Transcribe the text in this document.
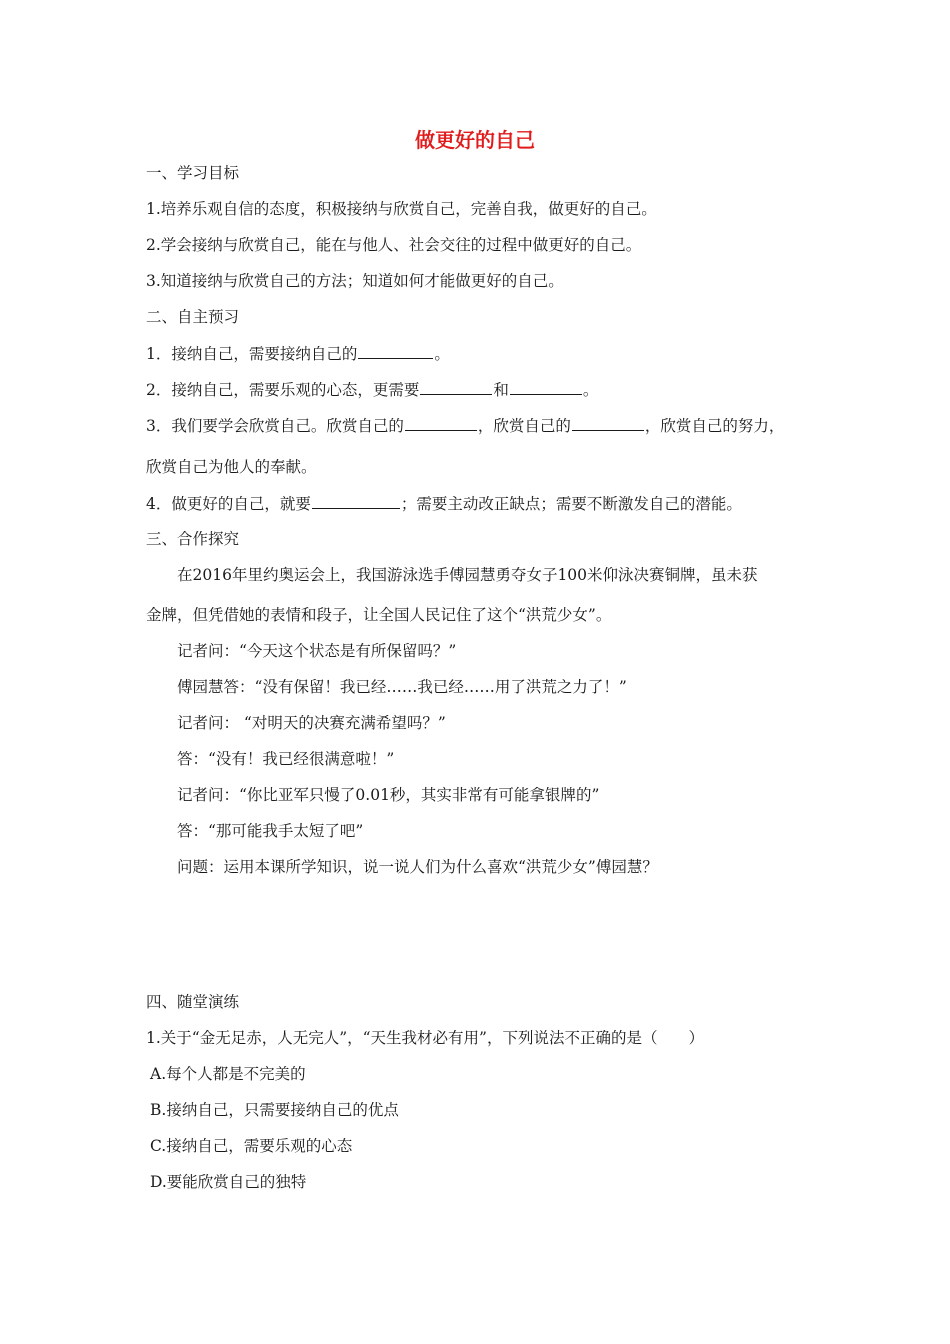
做更好的自己
一、学习目标
1.培养乐观自信的态度，积极接纳与欣赏自己，完善自我，做更好的自己。
2.学会接纳与欣赏自己，能在与他人、社会交往的过程中做更好的自己。
3.知道接纳与欣赏自己的方法；知道如何才能做更好的自己。
二、自主预习
1．接纳自己，需要接纳自己的	。
2．接纳自己，需要乐观的心态，更需要	和	。
3．我们要学会欣赏自己。欣赏自己的	，欣赏自己的	，欣赏自己的努力，
欣赏自己为他人的奉献。
4．做更好的自己，就要	；需要主动改正缺点；需要不断激发自己的潜能。
三、合作探究
在2016年里约奥运会上，我国游泳选手傅园慧勇夺女子100米仰泳决赛铜牌，虽未获
金牌，但凭借她的表情和段子，让全国人民记住了这个“洪荒少女”。
记者问：“今天这个状态是有所保留吗？”
傅园慧答：“没有保留！我已经……我已经……用了洪荒之力了！”
记者问： “对明天的决赛充满希望吗？”
答：“没有！我已经很满意啦！”
记者问：“你比亚军只慢了0.01秒，其实非常有可能拿银牌的”
答：“那可能我手太短了吧”
问题：运用本课所学知识，说一说人们为什么喜欢“洪荒少女”傅园慧？
四、随堂演练
1.关于“金无足赤，人无完人”，“天生我材必有用”，下列说法不正确的是（　　）
A.每个人都是不完美的
B.接纳自己，只需要接纳自己的优点
C.接纳自己，需要乐观的心态
D.要能欣赏自己的独特
